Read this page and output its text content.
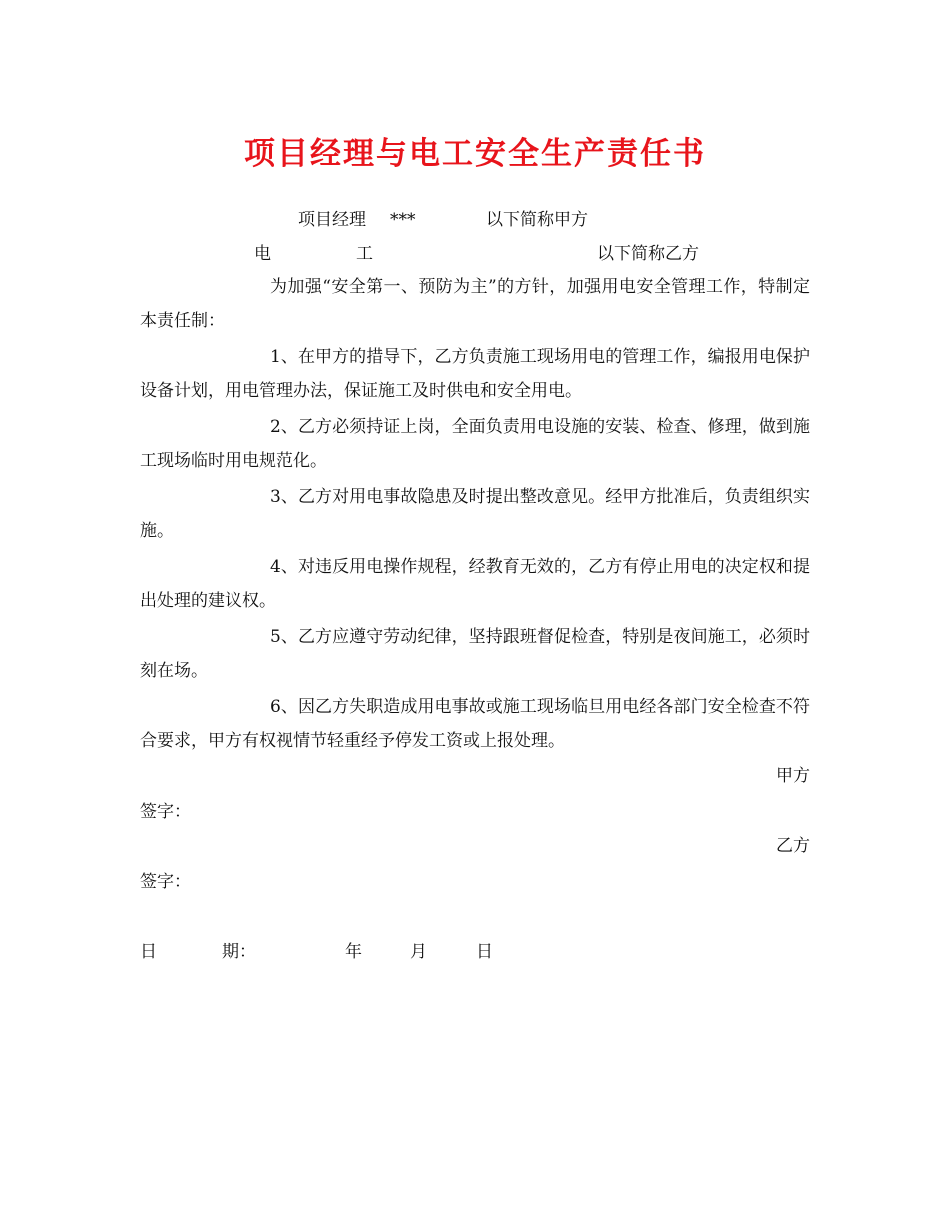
项目经理与电工安全生产责任书
项目经理 ***	以下简称甲方
电	工	以下简称乙方
为加强“安全第一、预防为主”的方针，加强用电安全管理工作，特制定本责任制：
1、在甲方的措导下，乙方负责施工现场用电的管理工作，编报用电保护设备计划，用电管理办法，保证施工及时供电和安全用电。
2、乙方必须持证上岗，全面负责用电设施的安装、检查、修理，做到施工现场临时用电规范化。
3、乙方对用电事故隐患及时提出整改意见。经甲方批准后，负责组织实施。
4、对违反用电操作规程，经教育无效的，乙方有停止用电的决定权和提出处理的建议权。
5、乙方应遵守劳动纪律，坚持跟班督促检查，特别是夜间施工，必须时刻在场。
6、因乙方失职造成用电事故或施工现场临旦用电经各部门安全检查不符合要求，甲方有权视情节轻重经予停发工资或上报处理。
甲方
签字：
乙方
签字：
日	期：	年	月	日
